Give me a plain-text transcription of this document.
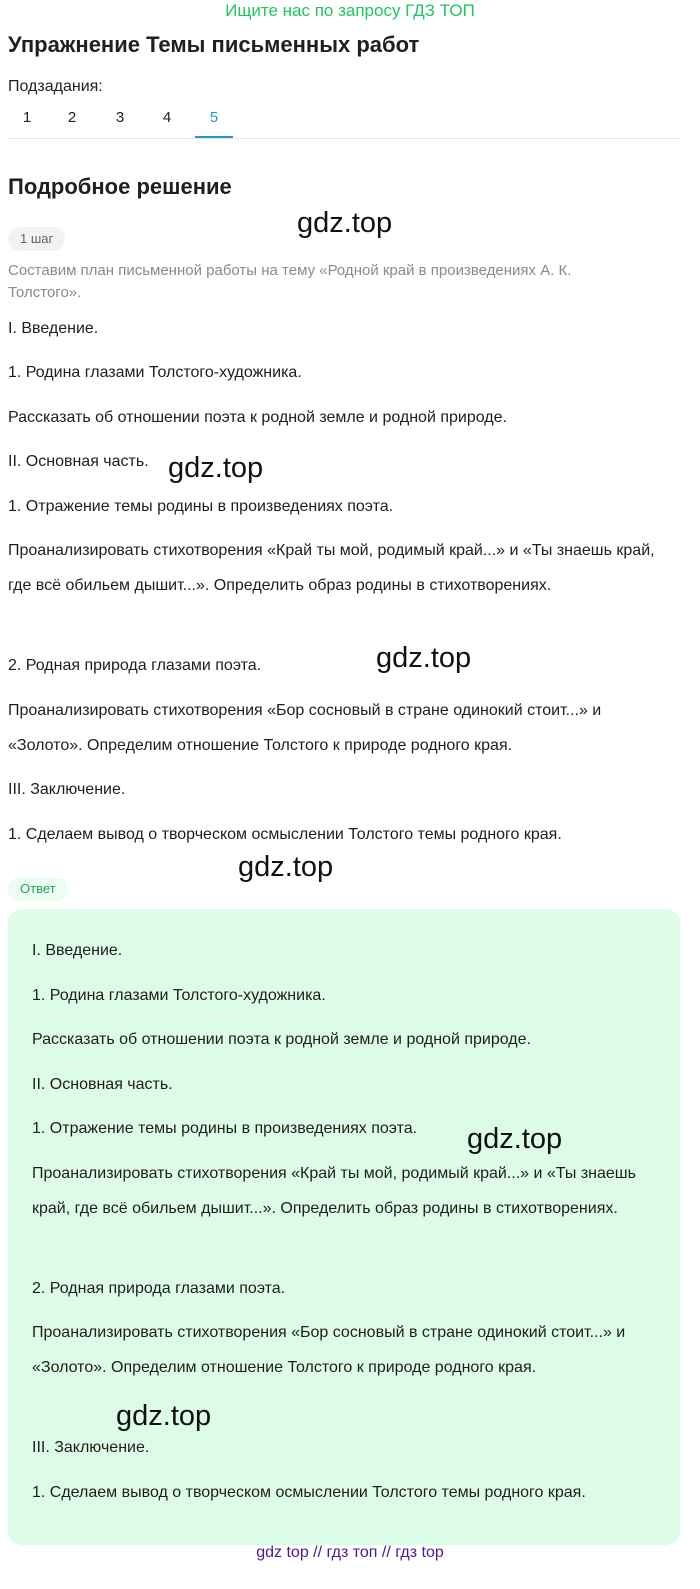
Ищите нас по запросу ГДЗ ТОП
Упражнение Темы письменных работ
Подзадания:
1	2	3	4	5
Подробное решение
1 шаг
Составим план письменной работы на тему «Родной край в произведениях А. К. Толстого».
I. Введение.
1. Родина глазами Толстого-художника.
Рассказать об отношении поэта к родной земле и родной природе.
II. Основная часть.
1. Отражение темы родины в произведениях поэта.
Проанализировать стихотворения «Край ты мой, родимый край...» и «Ты знаешь край, где всё обильем дышит...». Определить образ родины в стихотворениях.
2. Родная природа глазами поэта.
Проанализировать стихотворения «Бор сосновый в стране одинокий стоит...» и «Золото». Определим отношение Толстого к природе родного края.
III. Заключение.
1. Сделаем вывод о творческом осмыслении Толстого темы родного края.
Ответ
I. Введение.
1. Родина глазами Толстого-художника.
Рассказать об отношении поэта к родной земле и родной природе.
II. Основная часть.
1. Отражение темы родины в произведениях поэта.
Проанализировать стихотворения «Край ты мой, родимый край...» и «Ты знаешь край, где всё обильем дышит...». Определить образ родины в стихотворениях.
2. Родная природа глазами поэта.
Проанализировать стихотворения «Бор сосновый в стране одинокий стоит...» и «Золото». Определим отношение Толстого к природе родного края.
III. Заключение.
1. Сделаем вывод о творческом осмыслении Толстого темы родного края.
gdz.top
gdz.top
gdz.top
gdz.top
gdz.top
gdz.top
gdz top // гдз топ // гдз top
